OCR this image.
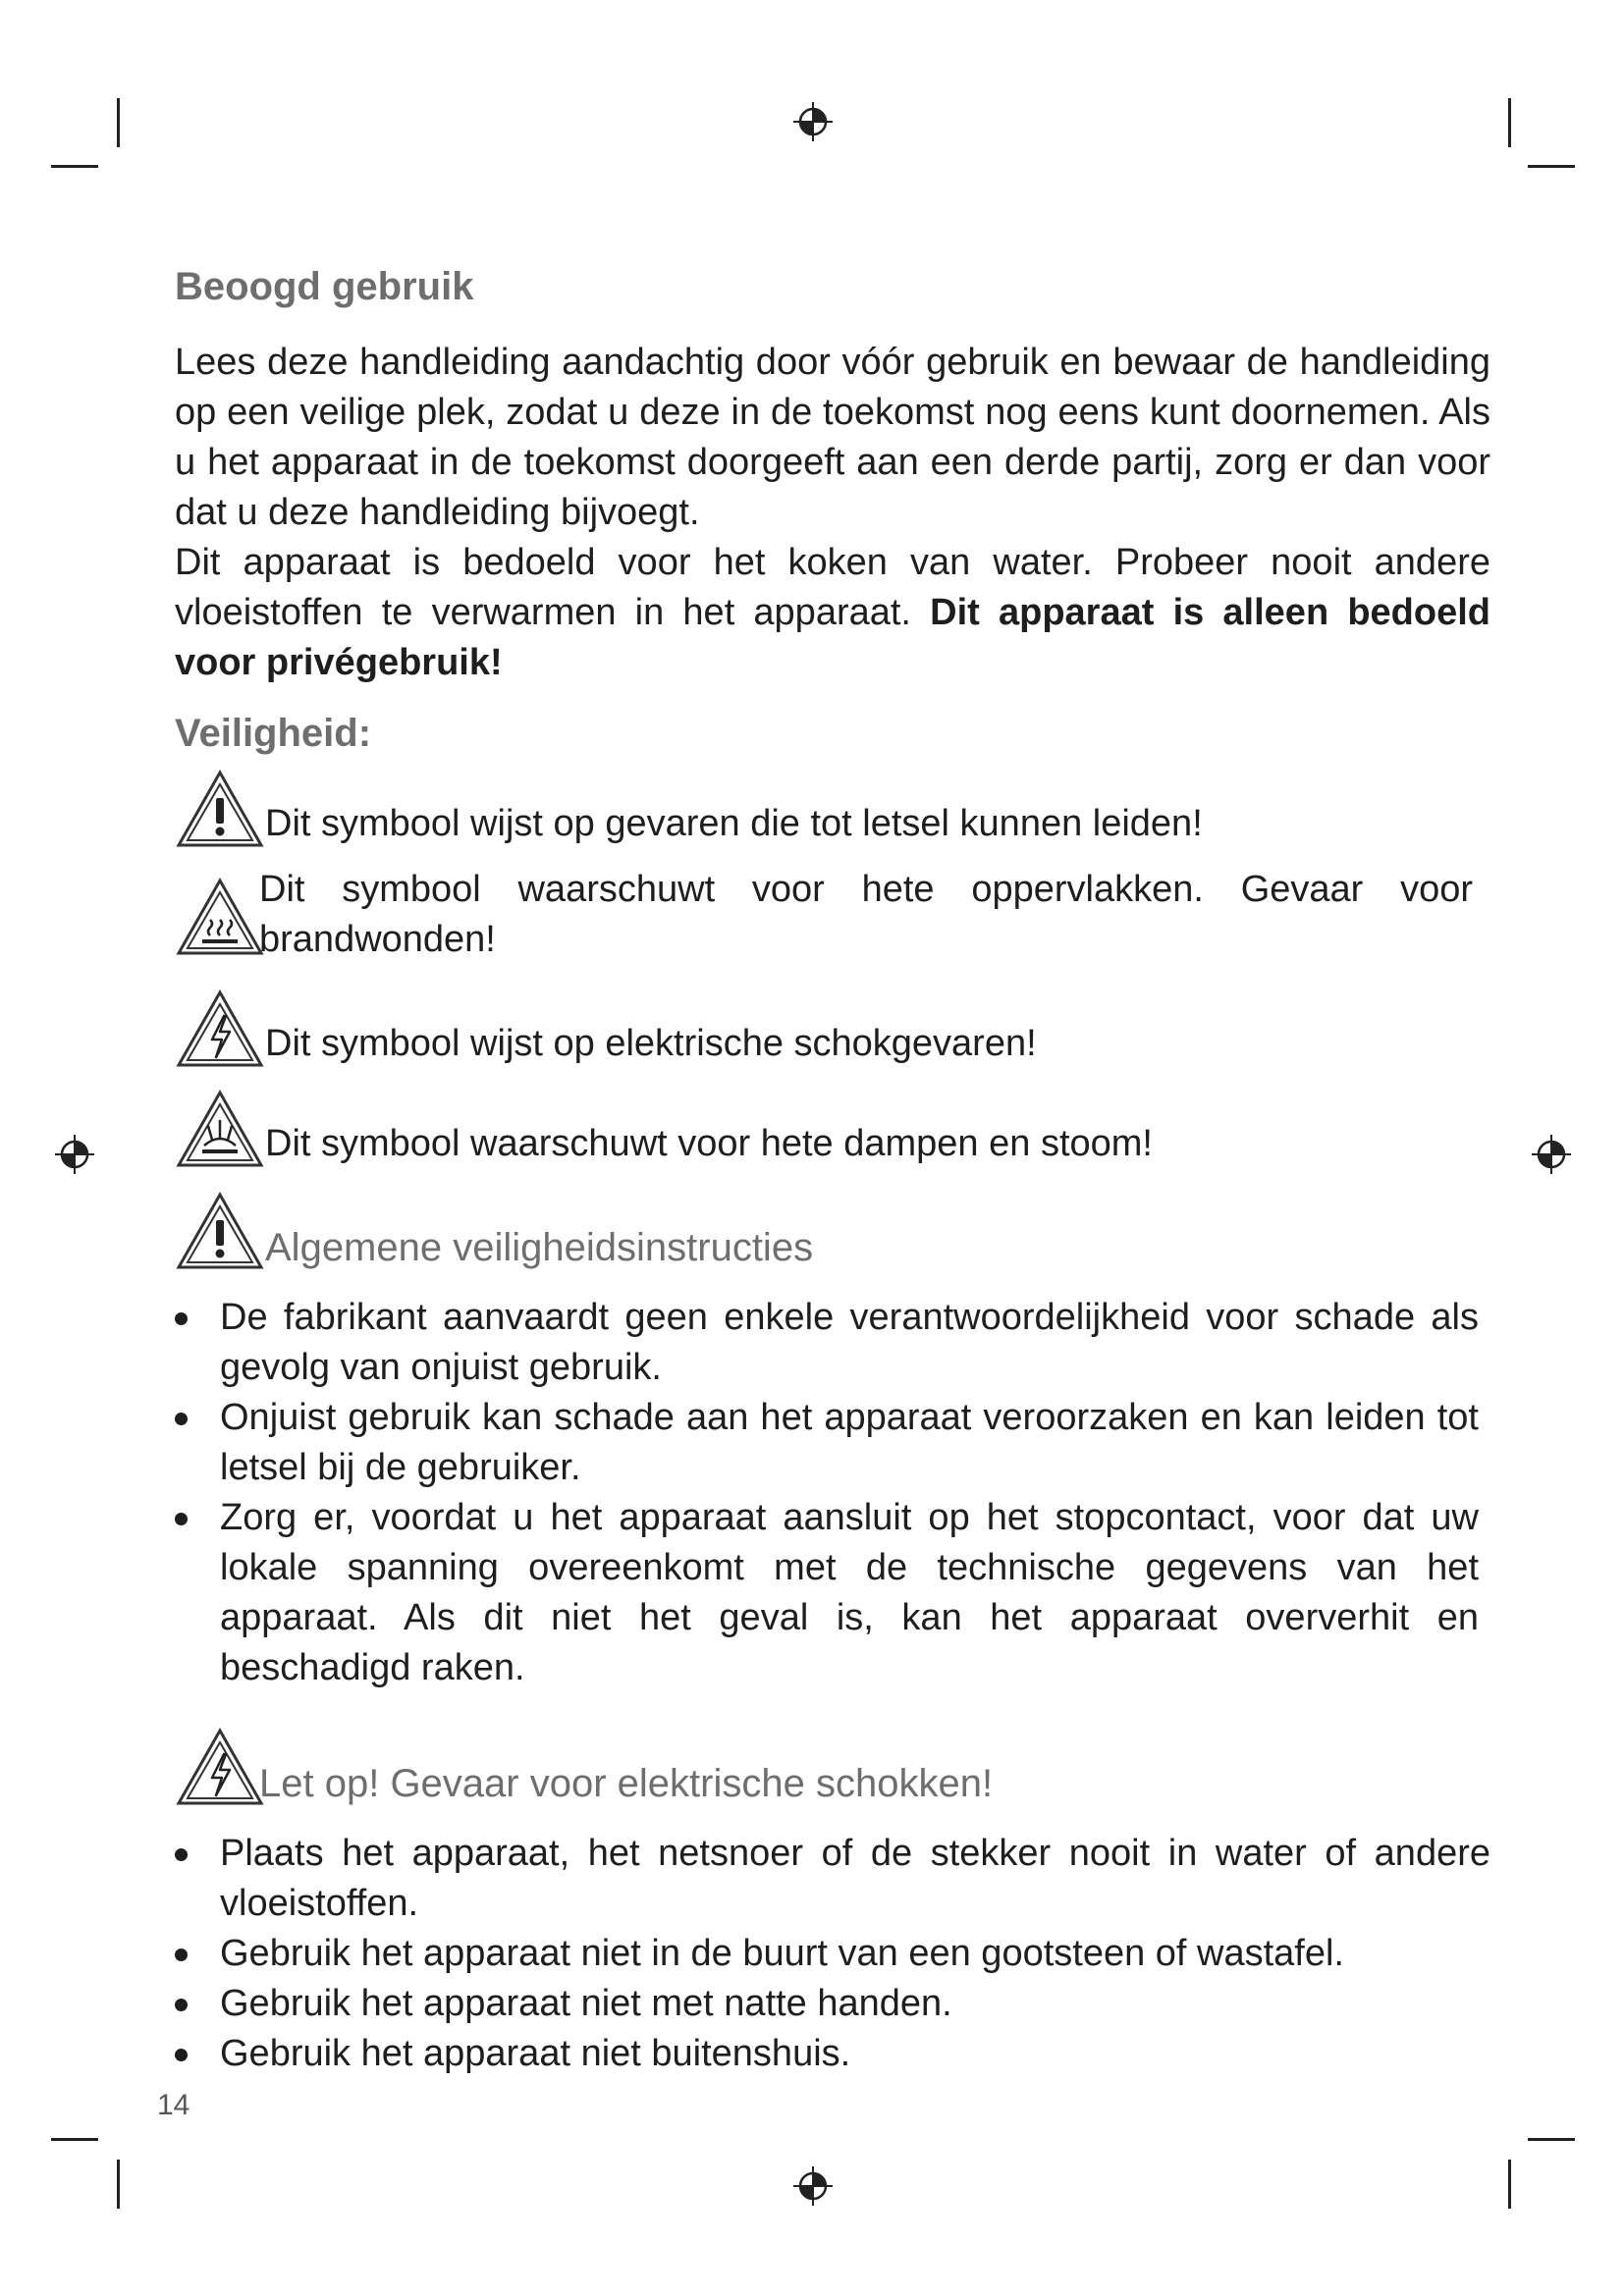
Beoogd gebruik

Lees deze handleiding aandachtig door vóór gebruik en bewaar de handleiding op een veilige plek, zodat u deze in de toekomst nog eens kunt doornemen. Als u het apparaat in de toekomst doorgeeft aan een derde partij, zorg er dan voor dat u deze handleiding bijvoegt.

Dit apparaat is bedoeld voor het koken van water. Probeer nooit andere vloeistoffen te verwarmen in het apparaat. Dit apparaat is alleen bedoeld voor privégebruik!

Veiligheid:
Dit symbool wijst op gevaren die tot letsel kunnen leiden!
Dit symbool waarschuwt voor hete oppervlakken. Gevaar voor brandwonden!
Dit symbool wijst op elektrische schokgevaren!
Dit symbool waarschuwt voor hete dampen en stoom!
Algemene veiligheidsinstructies
De fabrikant aanvaardt geen enkele verantwoordelijkheid voor schade als gevolg van onjuist gebruik.
Onjuist gebruik kan schade aan het apparaat veroorzaken en kan leiden tot letsel bij de gebruiker.
Zorg er, voordat u het apparaat aansluit op het stopcontact, voor dat uw lokale spanning overeenkomt met de technische gegevens van het apparaat. Als dit niet het geval is, kan het apparaat oververhit en beschadigd raken.
Let op! Gevaar voor elektrische schokken!
Plaats het apparaat, het netsnoer of de stekker nooit in water of andere vloeistoffen.
Gebruik het apparaat niet in de buurt van een gootsteen of wastafel.
Gebruik het apparaat niet met natte handen.
Gebruik het apparaat niet buitenshuis.
14
